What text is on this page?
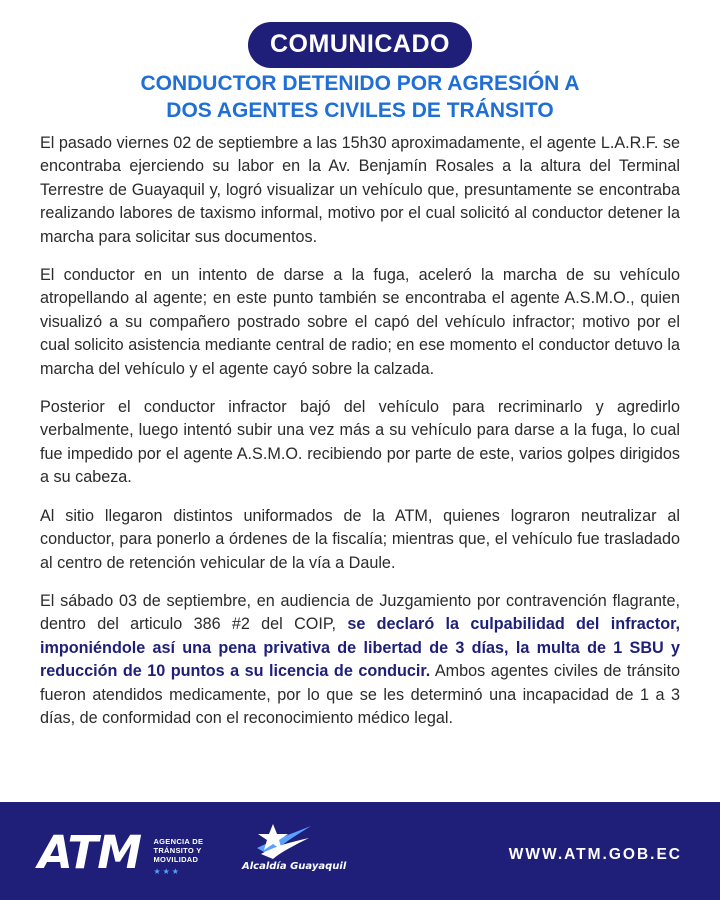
COMUNICADO
CONDUCTOR DETENIDO POR AGRESIÓN A
DOS AGENTES CIVILES DE TRÁNSITO

El pasado viernes 02 de septiembre a las 15h30 aproximadamente, el agente L.A.R.F. se encontraba ejerciendo su labor en la Av. Benjamín Rosales a la altura del Terminal Terrestre de Guayaquil y, logró visualizar un vehículo que, presuntamente se encontraba realizando labores de taxismo informal, motivo por el cual solicitó al conductor detener la marcha para solicitar sus documentos.

El conductor en un intento de darse a la fuga, aceleró la marcha de su vehículo atropellando al agente; en este punto también se encontraba el agente A.S.M.O., quien visualizó a su compañero postrado sobre el capó del vehículo infractor; motivo por el cual solicito asistencia mediante central de radio; en ese momento el conductor detuvo la marcha del vehículo y el agente cayó sobre la calzada.

Posterior el conductor infractor bajó del vehículo para recriminarlo y agredirlo verbalmente, luego intentó subir una vez más a su vehículo para darse a la fuga, lo cual fue impedido por el agente A.S.M.O. recibiendo por parte de este, varios golpes dirigidos a su cabeza.

Al sitio llegaron distintos uniformados de la ATM, quienes lograron neutralizar al conductor, para ponerlo a órdenes de la fiscalía; mientras que, el vehículo fue trasladado al centro de retención vehicular de la vía a Daule.

El sábado 03 de septiembre, en audiencia de Juzgamiento por contravención flagrante, dentro del articulo 386 #2 del COIP, se declaró la culpabilidad del infractor, imponiéndole así una pena privativa de libertad de 3 días, la multa de 1 SBU y reducción de 10 puntos a su licencia de conducir. Ambos agentes civiles de tránsito fueron atendidos medicamente, por lo que se les determinó una incapacidad de 1 a 3 días, de conformidad con el reconocimiento médico legal.

ATM AGENCIA DE
TRÁNSITO Y
MOVILIDAD
★★★	Alcaldía Guayaquil
WWW.ATM.GOB.EC
